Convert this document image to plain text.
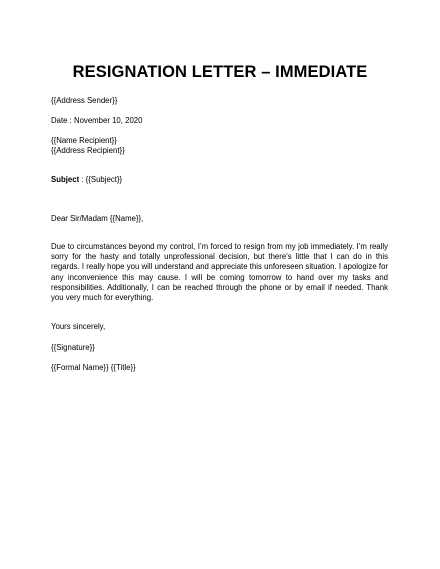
RESIGNATION LETTER – IMMEDIATE
{{Address Sender}}
Date : November 10, 2020
{{Name Recipient}}
{{Address Recipient}}
Subject : {{Subject}}
Dear Sir/Madam {{Name}},

Due to circumstances beyond my control, I’m forced to resign from my job immediately. I’m really sorry for the hasty and totally unprofessional decision, but there’s little that I can do in this regards. I really hope you will understand and appreciate this unforeseen situation. I apologize for any inconvenience this may cause. I will be coming tomorrow to hand over my tasks and responsibilities. Additionally, I can be reached through the phone or by email if needed. Thank you very much for everything.

Yours sincerely,
{{Signature}}
{{Formal Name}} {{Title}}
